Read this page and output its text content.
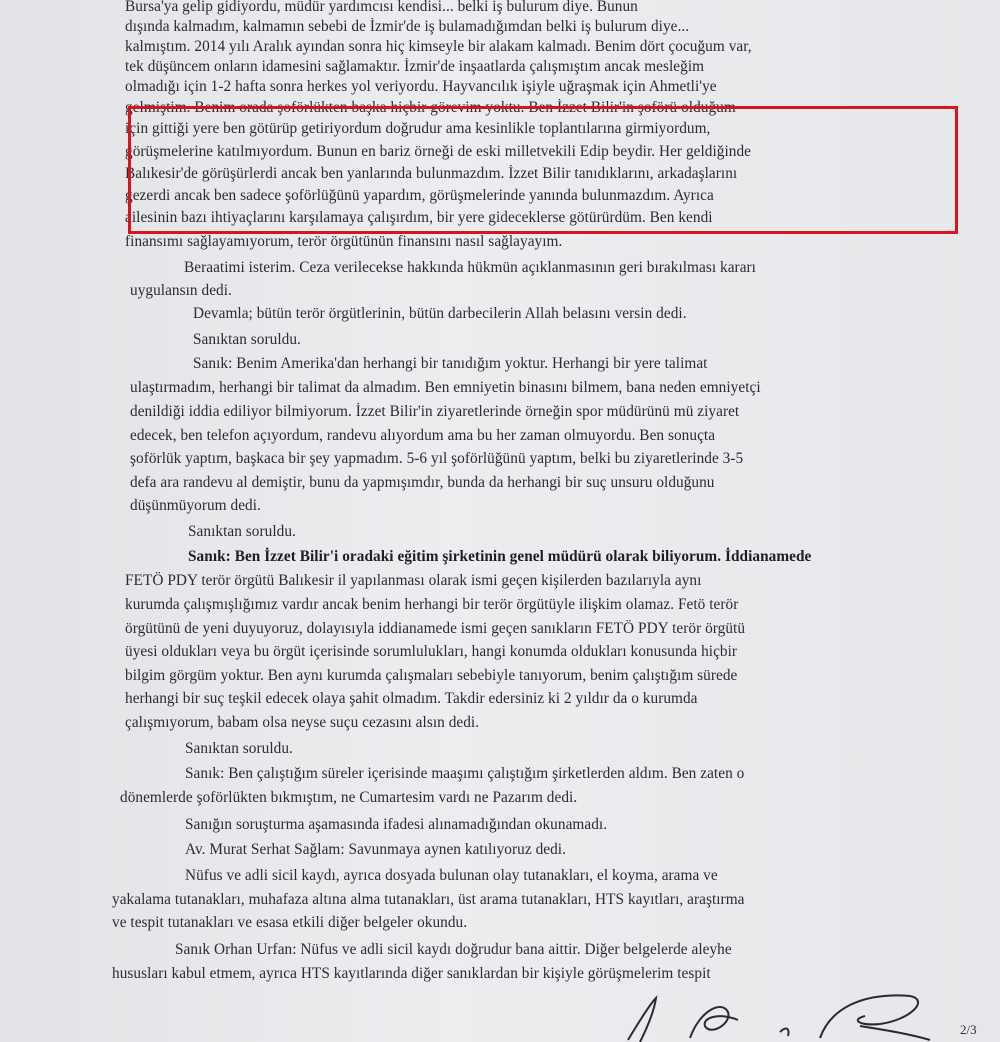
Bursa'ya gelip gidiyordu, müdür yardımcısı kendisi... belki iş bulurum diye. Bunun
dışında kalmadım, kalmamın sebebi de İzmir'de iş bulamadığımdan belki iş bulurum diye...
kalmıştım. 2014 yılı Aralık ayından sonra hiç kimseyle bir alakam kalmadı. Benim dört çocuğum var,
tek düşüncem onların idamesini sağlamaktır. İzmir'de inşaatlarda çalışmıştım ancak mesleğim
olmadığı için 1-2 hafta sonra herkes yol veriyordu. Hayvancılık işiyle uğraşmak için Ahmetli'ye
gelmiştim. Benim orada şoförlükten başka hiçbir görevim yoktu. Ben İzzet Bilir'in şoförü olduğum
için gittiği yere ben götürüp getiriyordum doğrudur ama kesinlikle toplantılarına girmiyordum,
görüşmelerine katılmıyordum. Bunun en bariz örneği de eski milletvekili Edip beydir. Her geldiğinde
Balıkesir'de görüşürlerdi ancak ben yanlarında bulunmazdım. İzzet Bilir tanıdıklarını, arkadaşlarını
gezerdi ancak ben sadece şoförlüğünü yapardım, görüşmelerinde yanında bulunmazdım. Ayrıca
ailesinin bazı ihtiyaçlarını karşılamaya çalışırdım, bir yere gideceklerse götürürdüm. Ben kendi
finansımı sağlayamıyorum, terör örgütünün finansını nasıl sağlayayım.
Beraatimi isterim. Ceza verilecekse hakkında hükmün açıklanmasının geri bırakılması kararı
uygulansın dedi.
Devamla; bütün terör örgütlerinin, bütün darbecilerin Allah belasını versin dedi.
Sanıktan soruldu.
Sanık: Benim Amerika'dan herhangi bir tanıdığım yoktur. Herhangi bir yere talimat
ulaştırmadım, herhangi bir talimat da almadım. Ben emniyetin binasını bilmem, bana neden emniyetçi
denildiği iddia ediliyor bilmiyorum. İzzet Bilir'in ziyaretlerinde örneğin spor müdürünü mü ziyaret
edecek, ben telefon açıyordum, randevu alıyordum ama bu her zaman olmuyordu. Ben sonuçta
şoförlük yaptım, başkaca bir şey yapmadım. 5-6 yıl şoförlüğünü yaptım, belki bu ziyaretlerinde 3-5
defa ara randevu al demiştir, bunu da yapmışımdır, bunda da herhangi bir suç unsuru olduğunu
düşünmüyorum dedi.
Sanıktan soruldu.
Sanık: Ben İzzet Bilir'i oradaki eğitim şirketinin genel müdürü olarak biliyorum. İddianamede
FETÖ PDY terör örgütü Balıkesir il yapılanması olarak ismi geçen kişilerden bazılarıyla aynı
kurumda çalışmışlığımız vardır ancak benim herhangi bir terör örgütüyle ilişkim olamaz. Fetö terör
örgütünü de yeni duyuyoruz, dolayısıyla iddianamede ismi geçen sanıkların FETÖ PDY terör örgütü
üyesi oldukları veya bu örgüt içerisinde sorumlulukları, hangi konumda oldukları konusunda hiçbir
bilgim görgüm yoktur. Ben aynı kurumda çalışmaları sebebiyle tanıyorum, benim çalıştığım sürede
herhangi bir suç teşkil edecek olaya şahit olmadım. Takdir edersiniz ki 2 yıldır da o kurumda
çalışmıyorum, babam olsa neyse suçu cezasını alsın dedi.
Sanıktan soruldu.
Sanık: Ben çalıştığım süreler içerisinde maaşımı çalıştığım şirketlerden aldım. Ben zaten o
dönemlerde şoförlükten bıkmıştım, ne Cumartesim vardı ne Pazarım dedi.
Sanığın soruşturma aşamasında ifadesi alınamadığından okunamadı.
Av. Murat Serhat Sağlam: Savunmaya aynen katılıyoruz dedi.
Nüfus ve adli sicil kaydı, ayrıca dosyada bulunan olay tutanakları, el koyma, arama ve
yakalama tutanakları, muhafaza altına alma tutanakları, üst arama tutanakları, HTS kayıtları, araştırma
ve tespit tutanakları ve esasa etkili diğer belgeler okundu.
Sanık Orhan Urfan: Nüfus ve adli sicil kaydı doğrudur bana aittir. Diğer belgelerde aleyhe
hususları kabul etmem, ayrıca HTS kayıtlarında diğer sanıklardan bir kişiyle görüşmelerim tespit
2/3
